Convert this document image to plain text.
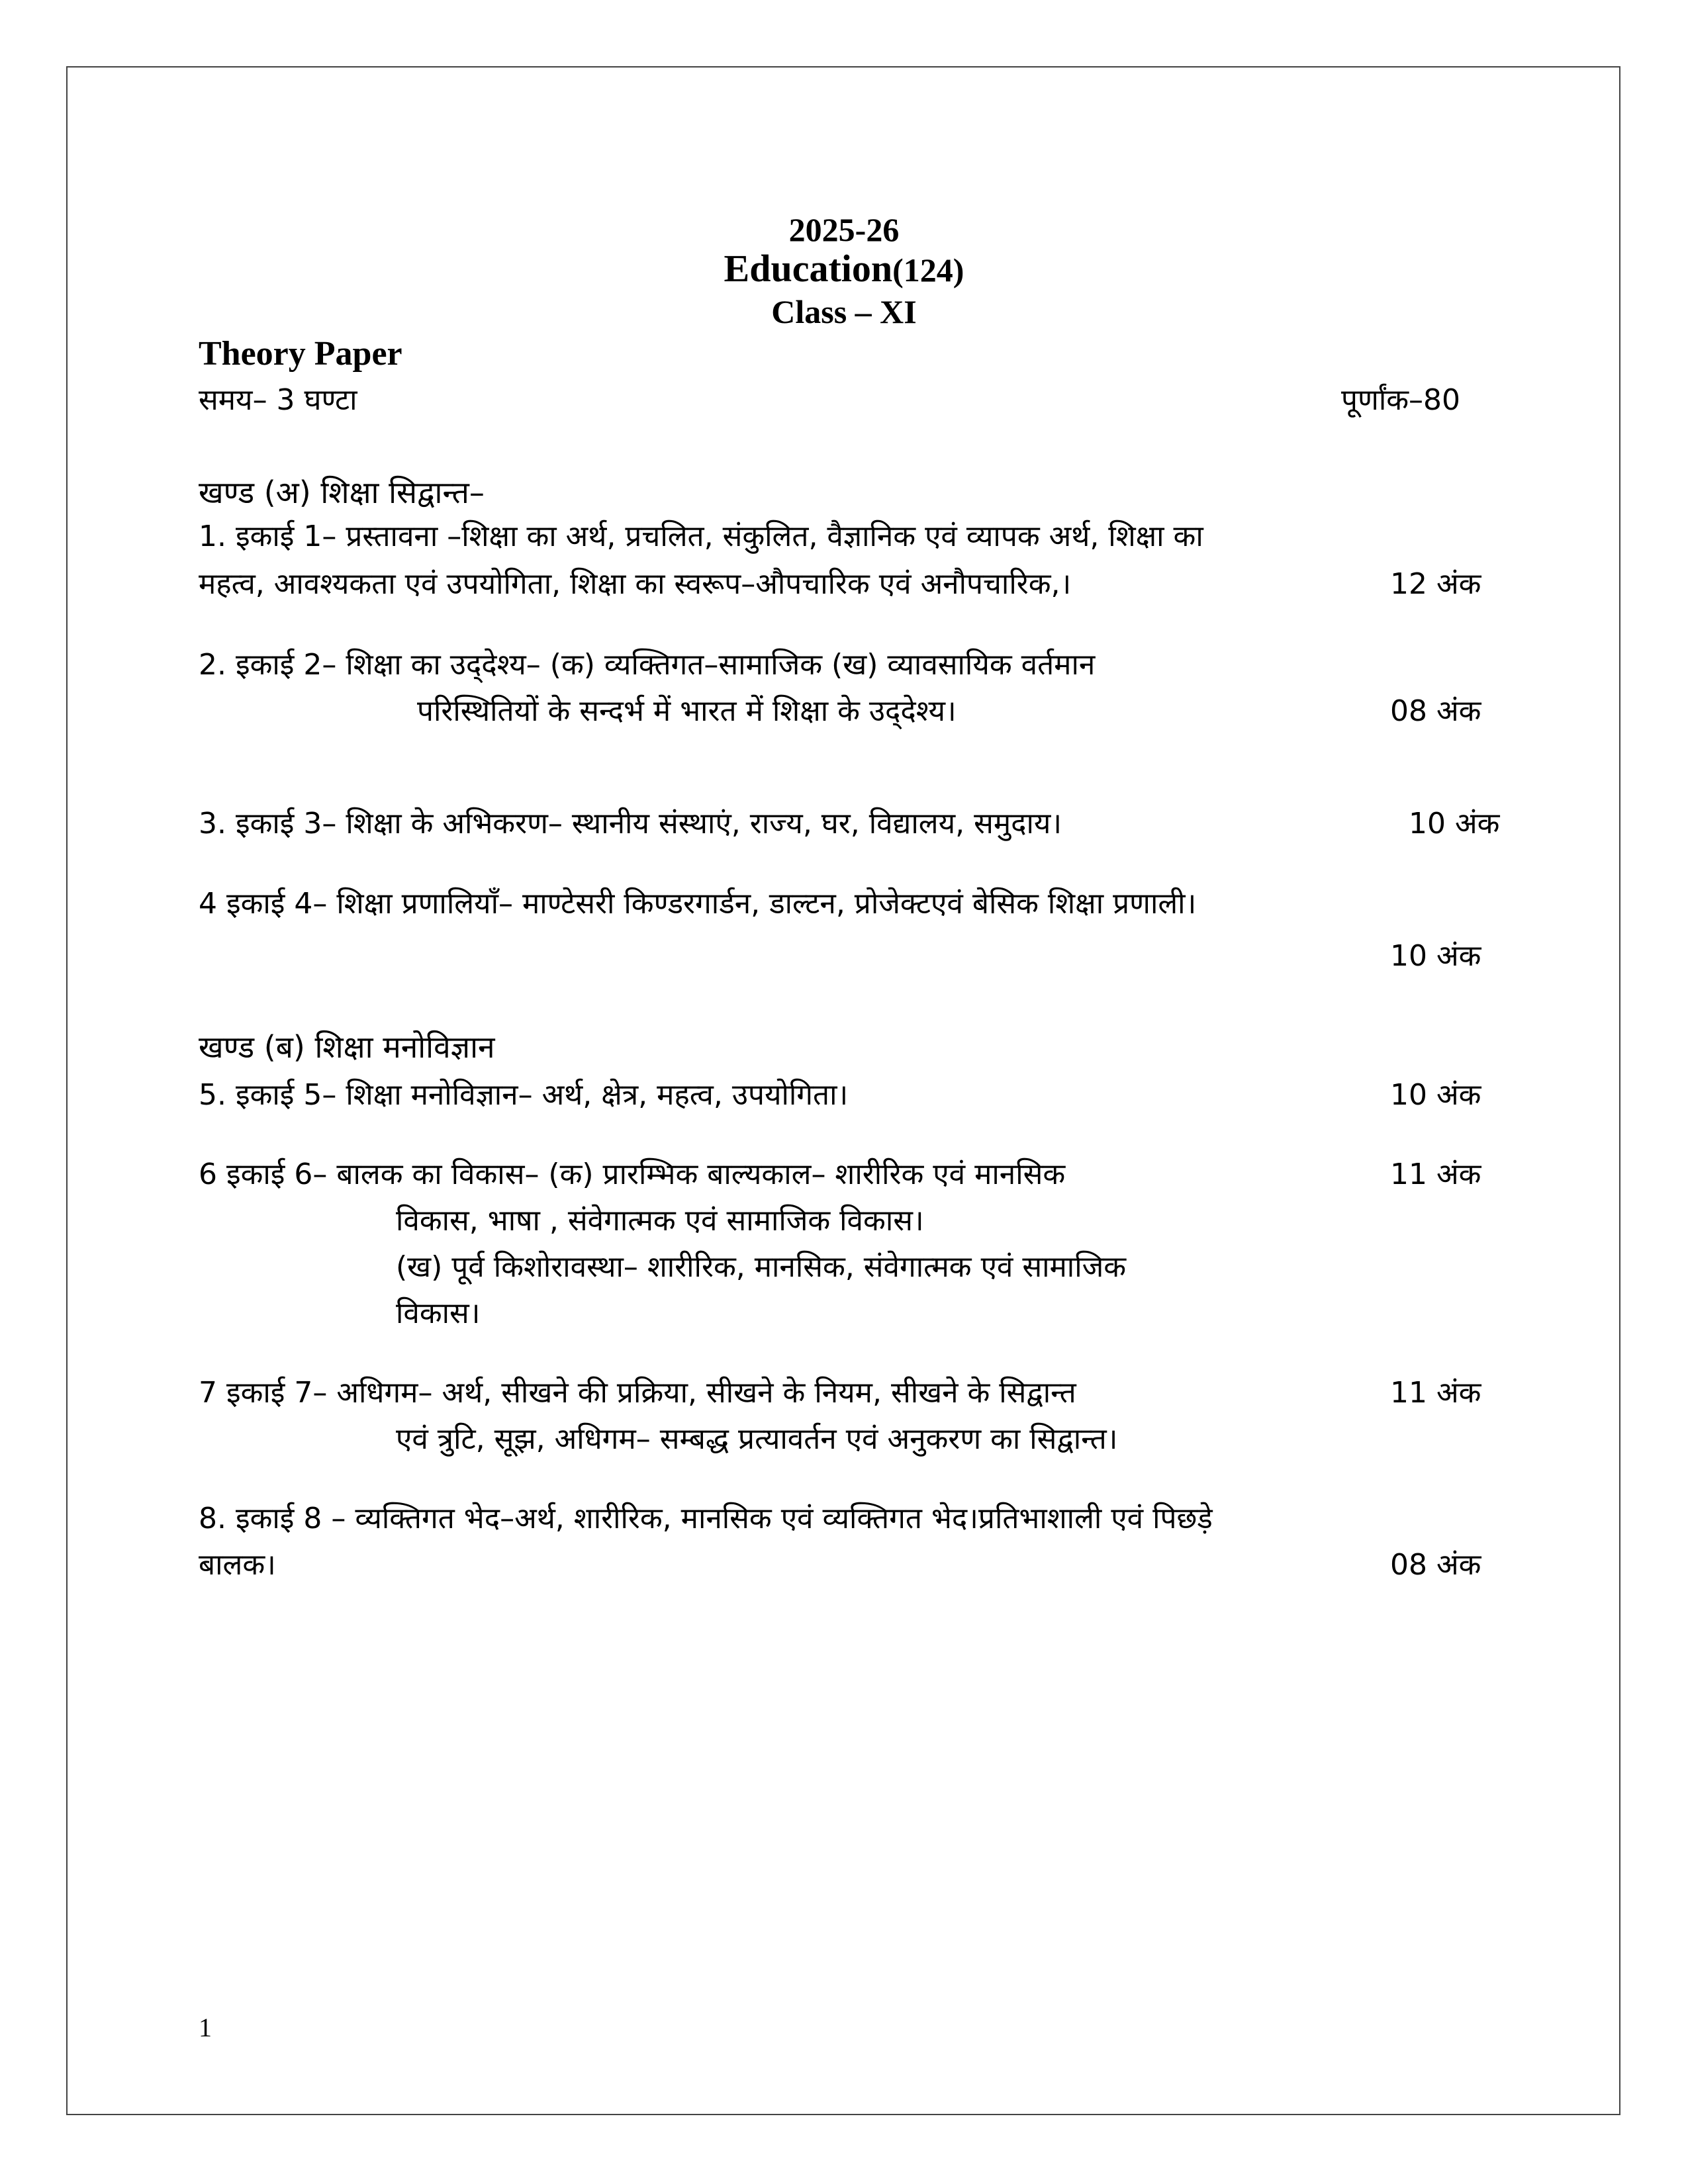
2025-26
Education(124)
Class – XI
Theory Paper
समय– 3 घण्टा	पूर्णांक–80
खण्ड (अ) शिक्षा सिद्वान्त–
1. इकाई 1– प्रस्तावना –शिक्षा का अर्थ, प्रचलित, संकुलित, वैज्ञानिक एवं व्यापक अर्थ, शिक्षा का
महत्व, आवश्यकता एवं उपयोगिता, शिक्षा का स्वरूप–औपचारिक एवं अनौपचारिक,।	12 अंक
2. इकाई 2– शिक्षा का उद्‌देश्य– (क) व्यक्तिगत–सामाजिक (ख) व्यावसायिक वर्तमान
परिस्थितियों के सन्दर्भ में भारत में शिक्षा के उद्‌देश्य।	08 अंक
3. इकाई 3– शिक्षा के अभिकरण– स्थानीय संस्थाएं, राज्य, घर, विद्यालय, समुदाय।	10 अंक
4 इकाई 4– शिक्षा प्रणालियाँ– माण्टेसरी किण्डरगार्डन, डाल्टन, प्रोजेक्टएवं बेसिक शिक्षा प्रणाली।
10 अंक
खण्ड (ब) शिक्षा मनोविज्ञान
5. इकाई 5– शिक्षा मनोविज्ञान– अर्थ, क्षेत्र, महत्व, उपयोगिता।	10 अंक
6 इकाई 6– बालक का विकास– (क) प्रारम्भिक बाल्यकाल– शारीरिक एवं मानसिक	11 अंक
विकास, भाषा , संवेगात्मक एवं सामाजिक विकास।
(ख) पूर्व किशोरावस्था– शारीरिक, मानसिक, संवेगात्मक एवं सामाजिक
विकास।
7 इकाई 7– अधिगम– अर्थ, सीखने की प्रक्रिया, सीखने के नियम, सीखने के सिद्वान्त	11 अंक
एवं त्रुटि, सूझ, अधिगम– सम्बद्ध प्रत्यावर्तन एवं अनुकरण का सिद्वान्त।
8. इकाई 8 – व्यक्तिगत भेद–अर्थ, शारीरिक, मानसिक एवं व्यक्तिगत भेद।प्रतिभाशाली एवं पिछड़े
बालक।	08 अंक
1
